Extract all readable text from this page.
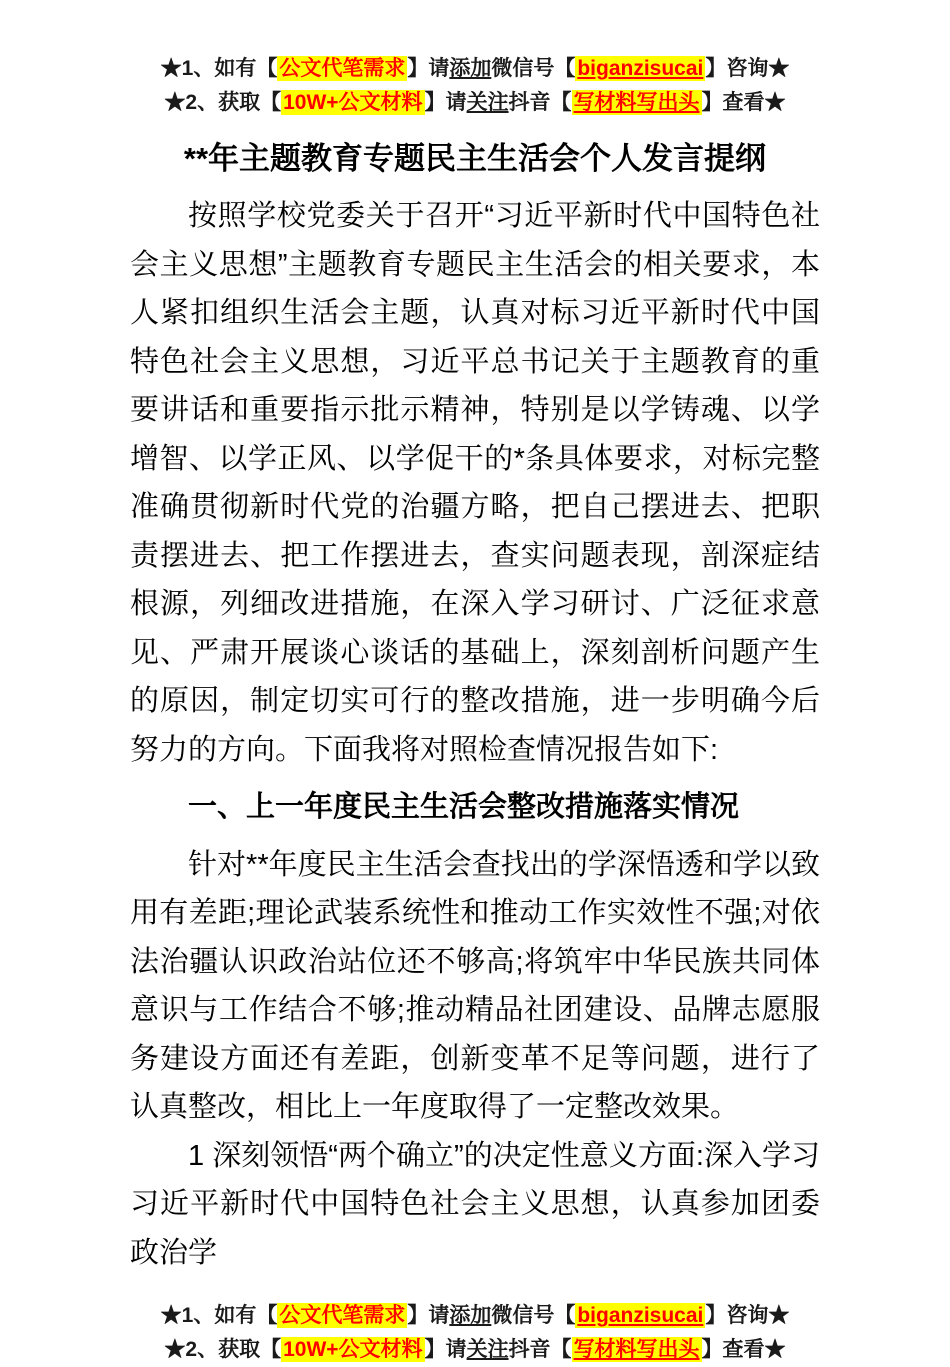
★1、如有【公文代笔需求】请添加微信号【biganzisucai】咨询★

★2、获取【10W+公文材料】请关注抖音【写材料写出头】查看★

**年主题教育专题民主生活会个人发言提纲

按照学校党委关于召开“习近平新时代中国特色社会主义思想”主题教育专题民主生活会的相关要求，本人紧扣组织生活会主题，认真对标习近平新时代中国特色社会主义思想，习近平总书记关于主题教育的重要讲话和重要指示批示精神，特别是以学铸魂、以学增智、以学正风、以学促干的*条具体要求，对标完整准确贯彻新时代党的治疆方略，把自己摆进去、把职责摆进去、把工作摆进去，查实问题表现，剖深症结根源，列细改进措施，在深入学习研讨、广泛征求意见、严肃开展谈心谈话的基础上，深刻剖析问题产生的原因，制定切实可行的整改措施，进一步明确今后努力的方向。下面我将对照检查情况报告如下:

一、上一年度民主生活会整改措施落实情况

针对**年度民主生活会查找出的学深悟透和学以致用有差距;理论武装系统性和推动工作实效性不强;对依法治疆认识政治站位还不够高;将筑牢中华民族共同体意识与工作结合不够;推动精品社团建设、品牌志愿服务建设方面还有差距，创新变革不足等问题，进行了认真整改，相比上一年度取得了一定整改效果。

1 深刻领悟“两个确立”的决定性意义方面:深入学习习近平新时代中国特色社会主义思想，认真参加团委政治学

★1、如有【公文代笔需求】请添加微信号【biganzisucai】咨询★

★2、获取【10W+公文材料】请关注抖音【写材料写出头】查看★
